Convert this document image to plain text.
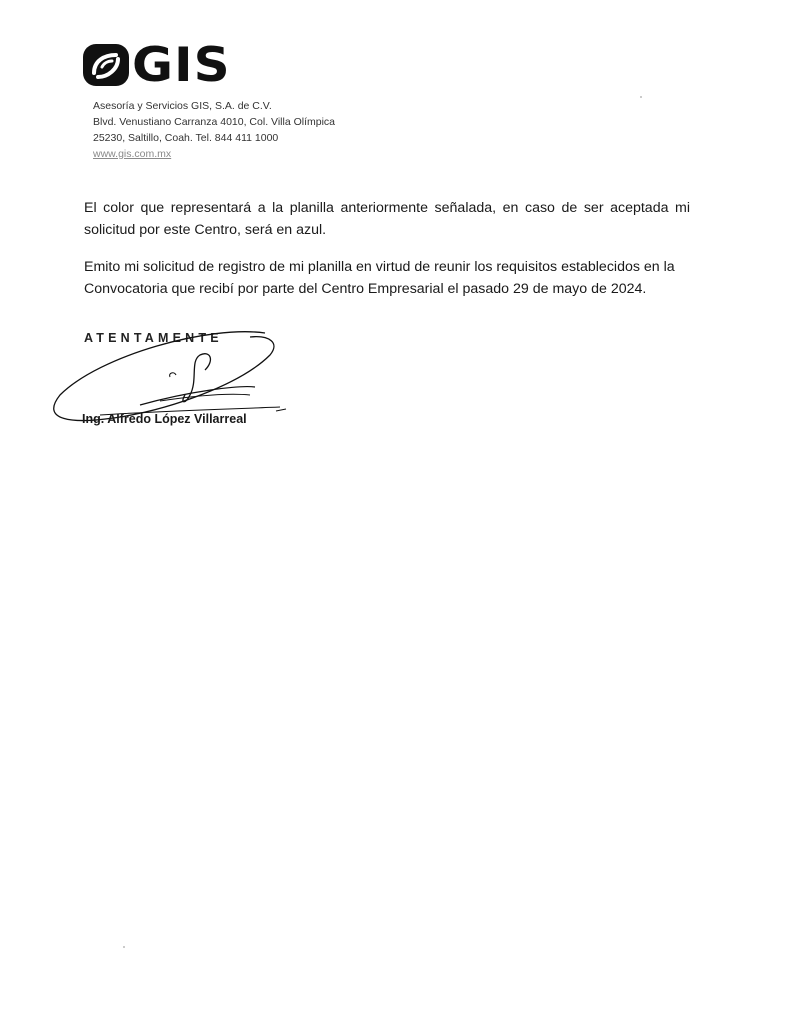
GIS
Asesoría y Servicios GIS, S.A. de C.V.
Blvd. Venustiano Carranza 4010, Col. Villa Olímpica
25230, Saltillo, Coah. Tel. 844 411 1000
www.gis.com.mx

El color que representará a la planilla anteriormente señalada, en caso de ser aceptada mi solicitud por este Centro, será en azul.

Emito mi solicitud de registro de mi planilla en virtud de reunir los requisitos establecidos en la Convocatoria que recibí por parte del Centro Empresarial el pasado 29 de mayo de 2024.

ATENTAMENTE
Ing. Alfredo López Villarreal
